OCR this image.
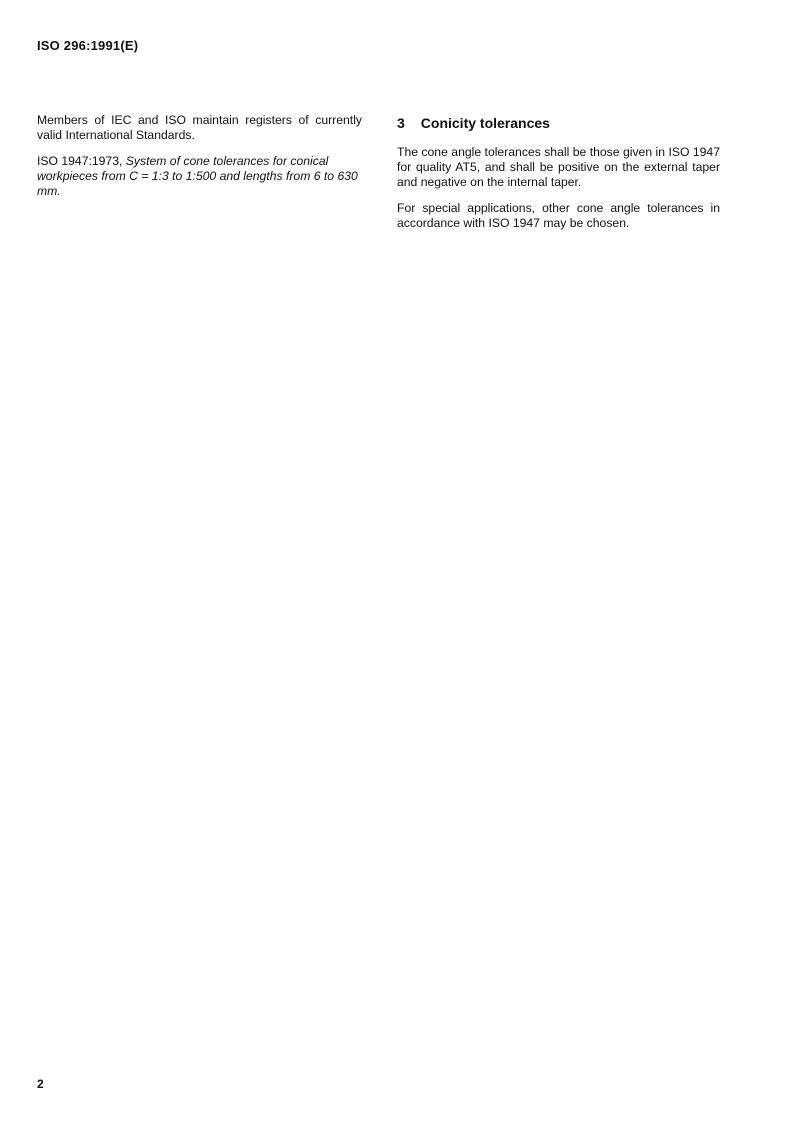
ISO 296:1991(E)

Members of IEC and ISO maintain registers of currently valid International Standards.

ISO 1947:1973, System of cone tolerances for conical workpieces from C = 1:3 to 1:500 and lengths from 6 to 630 mm.

3 Conicity tolerances

The cone angle tolerances shall be those given in ISO 1947 for quality AT5, and shall be positive on the external taper and negative on the internal taper.

For special applications, other cone angle tolerances in accordance with ISO 1947 may be chosen.

2
